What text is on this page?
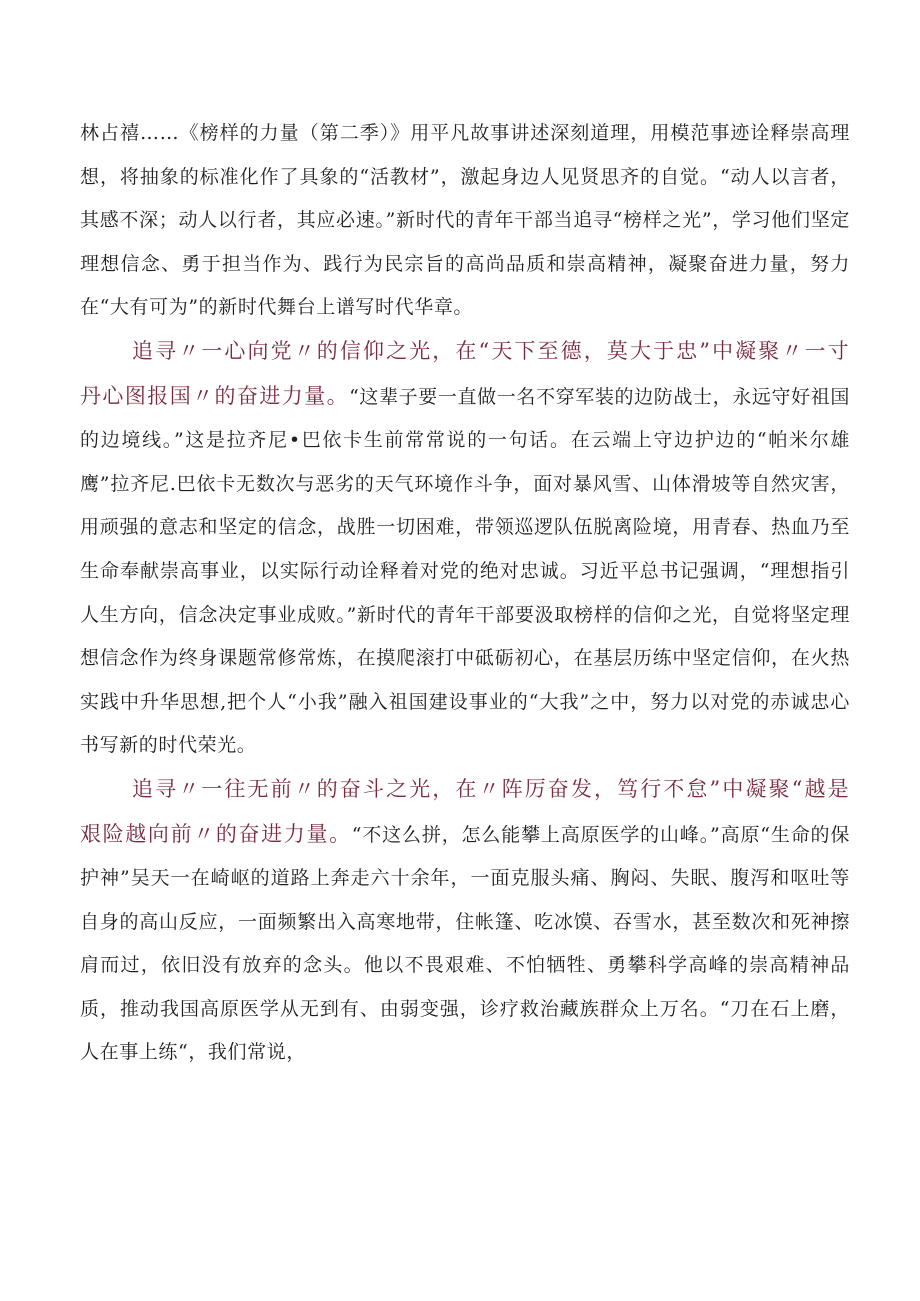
林占禧……《榜样的力量（第二季）》用平凡故事讲述深刻道理，用模范事迹诠释崇高理想，将抽象的标准化作了具象的“活教材”，激起身边人见贤思齐的自觉。“动人以言者，其感不深；动人以行者，其应必速。”新时代的青年干部当追寻“榜样之光”，学习他们坚定理想信念、勇于担当作为、践行为民宗旨的高尚品质和崇高精神，凝聚奋进力量，努力在“大有可为”的新时代舞台上谱写时代华章。

追寻〃一心向党〃的信仰之光，在“天下至德，莫大于忠”中凝聚〃一寸丹心图报国〃的奋进力量。“这辈子要一直做一名不穿军装的边防战士，永远守好祖国的边境线。”这是拉齐尼•巴依卡生前常常说的一句话。在云端上守边护边的“帕米尔雄鹰”拉齐尼.巴依卡无数次与恶劣的天气环境作斗争，面对暴风雪、山体滑坡等自然灾害，用顽强的意志和坚定的信念，战胜一切困难，带领巡逻队伍脱离险境，用青春、热血乃至生命奉献崇高事业，以实际行动诠释着对党的绝对忠诚。习近平总书记强调，“理想指引人生方向，信念决定事业成败。”新时代的青年干部要汲取榜样的信仰之光，自觉将坚定理想信念作为终身课题常修常炼，在摸爬滚打中砥砺初心，在基层历练中坚定信仰，在火热实践中升华思想,把个人“小我”融入祖国建设事业的“大我”之中，努力以对党的赤诚忠心书写新的时代荣光。

追寻〃一往无前〃的奋斗之光，在〃阵厉奋发，笃行不怠”中凝聚“越是艰险越向前〃的奋进力量。“不这么拼，怎么能攀上高原医学的山峰。”高原“生命的保护神”吴天一在崎岖的道路上奔走六十余年，一面克服头痛、胸闷、失眠、腹泻和呕吐等自身的高山反应，一面频繁出入高寒地带，住帐篷、吃冰馍、吞雪水，甚至数次和死神擦肩而过，依旧没有放弃的念头。他以不畏艰难、不怕牺牲、勇攀科学高峰的崇高精神品质，推动我国高原医学从无到有、由弱变强，诊疗救治藏族群众上万名。“刀在石上磨，人在事上练“，我们常说，
